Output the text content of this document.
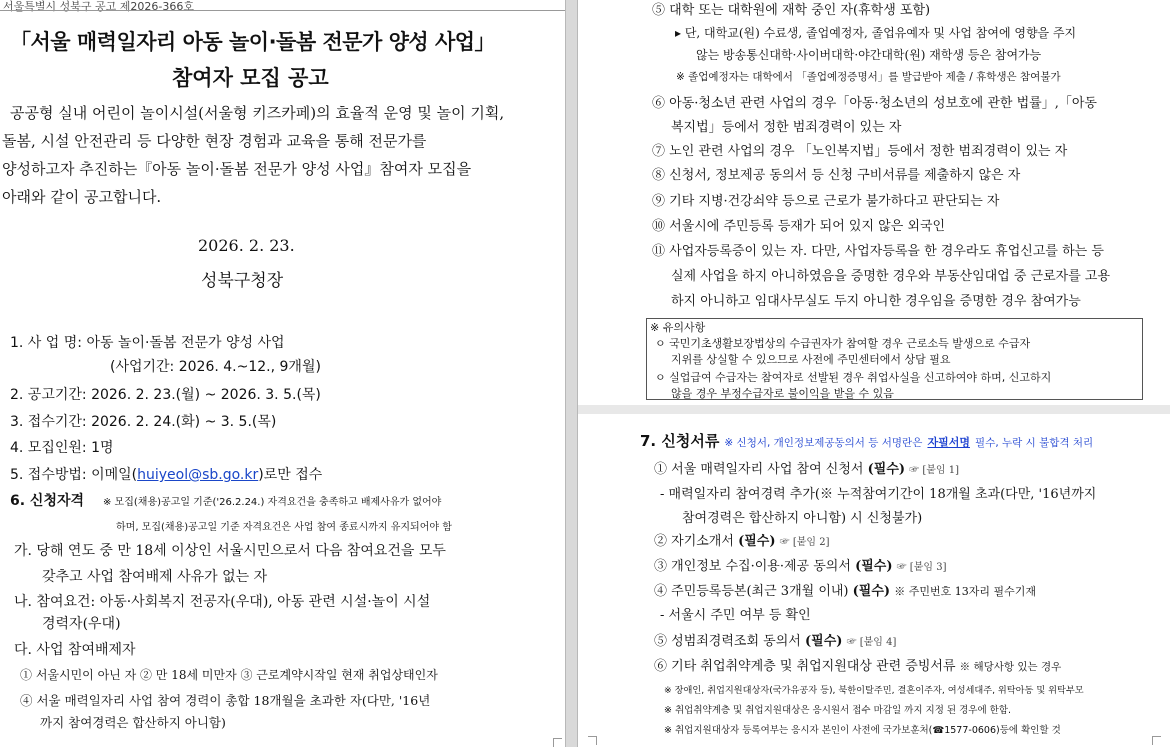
서울특별시 성북구 공고 제2026-366호
「서울 매력일자리 아동 놀이·돌봄 전문가 양성 사업」
참여자 모집 공고
공공형 실내 어린이 놀이시설(서울형 키즈카페)의 효율적 운영 및 놀이 기획,
돌봄, 시설 안전관리 등 다양한 현장 경험과 교육을 통해 전문가를
양성하고자 추진하는『아동 놀이·돌봄 전문가 양성 사업』참여자 모집을
아래와 같이 공고합니다.
2026. 2. 23.
성북구청장
1. 사 업 명: 아동 놀이·돌봄 전문가 양성 사업
(사업기간: 2026. 4.~12., 9개월)
2. 공고기간: 2026. 2. 23.(월) ~ 2026. 3. 5.(목)
3. 접수기간: 2026. 2. 24.(화) ~ 3. 5.(목)
4. 모집인원: 1명
5. 접수방법: 이메일(huiyeol@sb.go.kr)로만 접수
6. 신청자격 ※ 모집(채용)공고일 기준('26.2.24.) 자격요건을 충족하고 배제사유가 없어야
하며, 모집(채용)공고일 기준 자격요건은 사업 참여 종료시까지 유지되어야 함
가. 당해 연도 중 만 18세 이상인 서울시민으로서 다음 참여요건을 모두
갖추고 사업 참여배제 사유가 없는 자
나. 참여요건: 아동·사회복지 전공자(우대), 아동 관련 시설·놀이 시설
경력자(우대)
다. 사업 참여배제자
① 서울시민이 아닌 자 ② 만 18세 미만자 ③ 근로계약시작일 현재 취업상태인자
④ 서울 매력일자리 사업 참여 경력이 총합 18개월을 초과한 자(다만, '16년
까지 참여경력은 합산하지 아니함)
⑤ 대학 또는 대학원에 재학 중인 자(휴학생 포함)
▸ 단, 대학교(원) 수료생, 졸업예정자, 졸업유예자 및 사업 참여에 영향을 주지
않는 방송통신대학·사이버대학·야간대학(원) 재학생 등은 참여가능
※ 졸업예정자는 대학에서 「졸업예정증명서」를 발급받아 제출 / 휴학생은 참여불가
⑥ 아동·청소년 관련 사업의 경우「아동·청소년의 성보호에 관한 법률」,「아동
복지법」등에서 정한 범죄경력이 있는 자
⑦ 노인 관련 사업의 경우 「노인복지법」등에서 정한 범죄경력이 있는 자
⑧ 신청서, 정보제공 동의서 등 신청 구비서류를 제출하지 않은 자
⑨ 기타 지병·건강쇠약 등으로 근로가 불가하다고 판단되는 자
⑩ 서울시에 주민등록 등재가 되어 있지 않은 외국인
⑪ 사업자등록증이 있는 자. 다만, 사업자등록을 한 경우라도 휴업신고를 하는 등
실제 사업을 하지 아니하였음을 증명한 경우와 부동산임대업 중 근로자를 고용
하지 아니하고 임대사무실도 두지 아니한 경우임을 증명한 경우 참여가능
※ 유의사항
ㅇ 국민기초생활보장법상의 수급권자가 참여할 경우 근로소득 발생으로 수급자
지위를 상실할 수 있으므로 사전에 주민센터에서 상담 필요
ㅇ 실업급여 수급자는 참여자로 선발된 경우 취업사실을 신고하여야 하며, 신고하지
않을 경우 부정수급자로 불이익을 받을 수 있음
7. 신청서류 ※ 신청서, 개인정보제공동의서 등 서명란은 자필서명 필수, 누락 시 불합격 처리
① 서울 매력일자리 사업 참여 신청서 (필수) ☞ [붙임 1]
- 매력일자리 참여경력 추가(※ 누적참여기간이 18개월 초과(다만, '16년까지
참여경력은 합산하지 아니함) 시 신청불가)
② 자기소개서 (필수) ☞ [붙임 2]
③ 개인정보 수집·이용·제공 동의서 (필수) ☞ [붙임 3]
④ 주민등록등본(최근 3개월 이내) (필수) ※ 주민번호 13자리 필수기재
- 서울시 주민 여부 등 확인
⑤ 성범죄경력조회 동의서 (필수) ☞ [붙임 4]
⑥ 기타 취업취약계층 및 취업지원대상 관련 증빙서류 ※ 해당사항 있는 경우
※ 장애인, 취업지원대상자(국가유공자 등), 북한이탈주민, 결혼이주자, 여성세대주, 위탁아동 및 위탁부모
※ 취업취약계층 및 취업지원대상은 응시원서 접수 마감일 까지 지정 된 경우에 한함.
※ 취업지원대상자 등록여부는 응시자 본인이 사전에 국가보훈처(☎1577-0606)등에 확인할 것
